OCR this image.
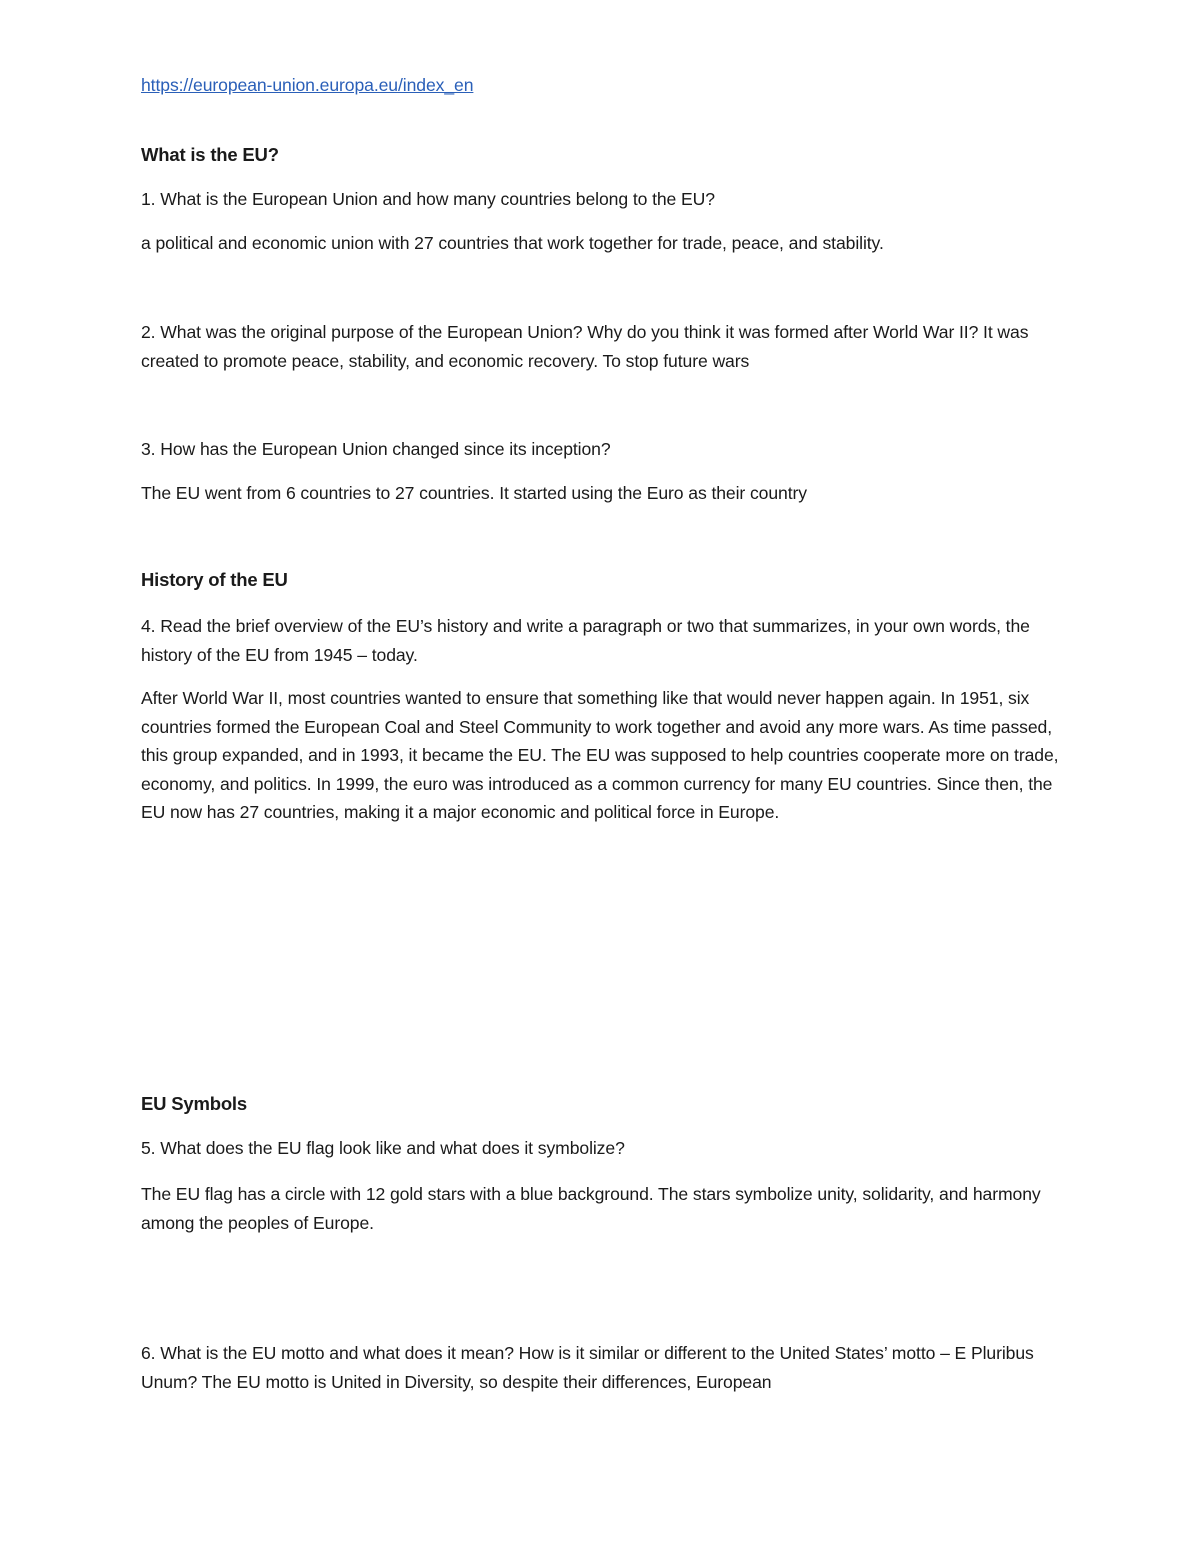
https://european-union.europa.eu/index_en
What is the EU?

1. What is the European Union and how many countries belong to the EU?

a political and economic union with 27 countries that work together for trade, peace, and stability.

2. What was the original purpose of the European Union? Why do you think it was formed after World War II? It was created to promote peace, stability, and economic recovery. To stop future wars

3. How has the European Union changed since its inception?

The EU went from 6 countries to 27 countries. It started using the Euro as their country

History of the EU

4. Read the brief overview of the EU’s history and write a paragraph or two that summarizes, in your own words, the history of the EU from 1945 – today.

After World War II, most countries wanted to ensure that something like that would never happen again. In 1951, six countries formed the European Coal and Steel Community to work together and avoid any more wars. As time passed, this group expanded, and in 1993, it became the EU. The EU was supposed to help countries cooperate more on trade, economy, and politics. In 1999, the euro was introduced as a common currency for many EU countries. Since then, the EU now has 27 countries, making it a major economic and political force in Europe.

EU Symbols

5. What does the EU flag look like and what does it symbolize?

The EU flag has a circle with 12 gold stars with a blue background. The stars symbolize unity, solidarity, and harmony among the peoples of Europe.

6. What is the EU motto and what does it mean? How is it similar or different to the United States’ motto – E Pluribus Unum? The EU motto is United in Diversity, so despite their differences, European
